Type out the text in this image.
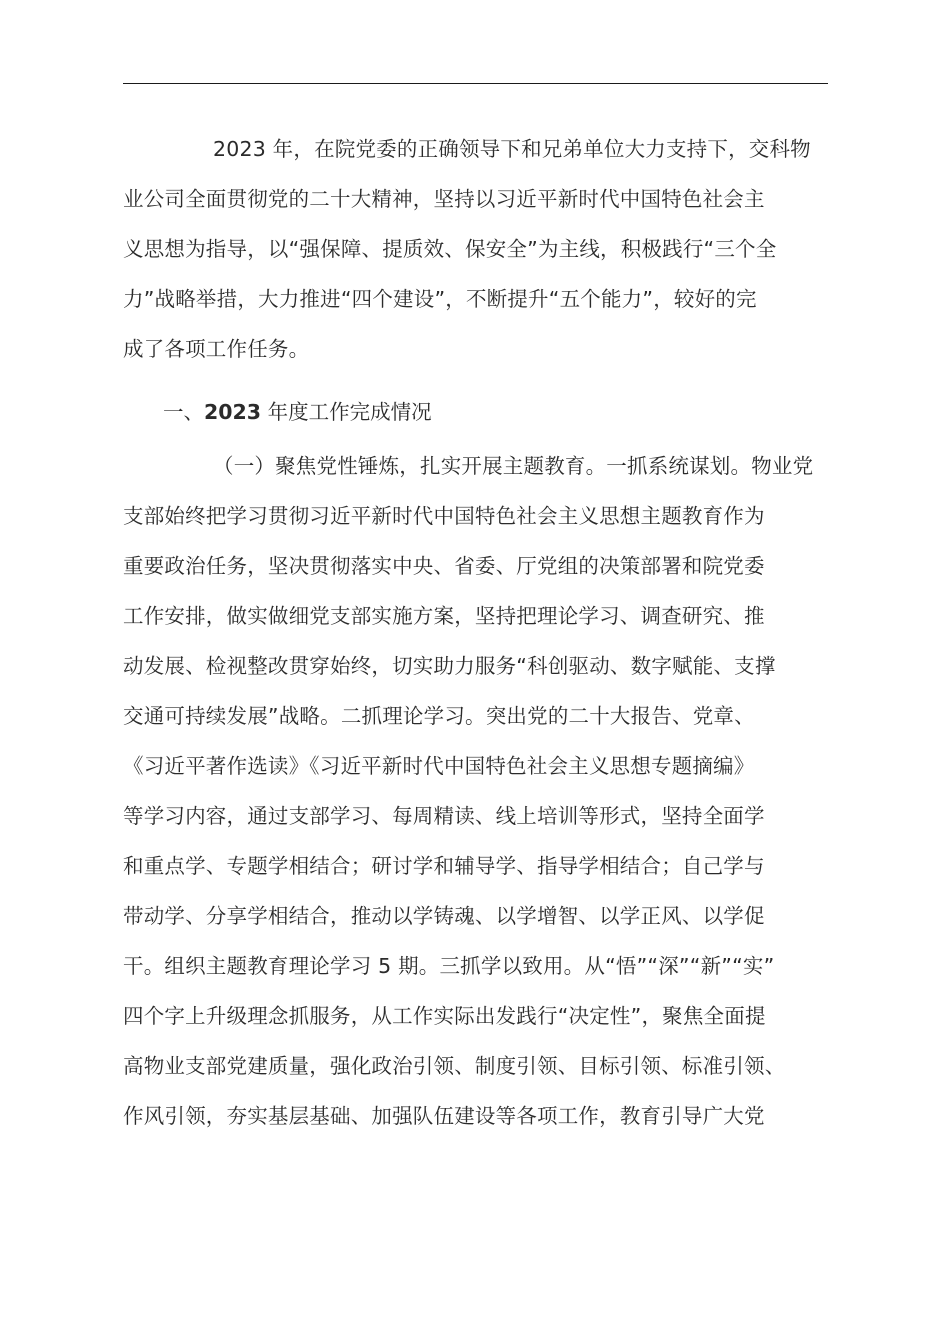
2023 年，在院党委的正确领导下和兄弟单位大力支持下，交科物
业公司全面贯彻党的二十大精神，坚持以习近平新时代中国特色社会主
义思想为指导，以“强保障、提质效、保安全”为主线，积极践行“三个全
力”战略举措，大力推进“四个建设”，不断提升“五个能力”，较好的完
成了各项工作任务。

一、2023 年度工作完成情况

（一）聚焦党性锤炼，扎实开展主题教育。一抓系统谋划。物业党
支部始终把学习贯彻习近平新时代中国特色社会主义思想主题教育作为
重要政治任务，坚决贯彻落实中央、省委、厅党组的决策部署和院党委
工作安排，做实做细党支部实施方案，坚持把理论学习、调查研究、推
动发展、检视整改贯穿始终，切实助力服务“科创驱动、数字赋能、支撑
交通可持续发展”战略。二抓理论学习。突出党的二十大报告、党章、
《习近平著作选读》《习近平新时代中国特色社会主义思想专题摘编》
等学习内容，通过支部学习、每周精读、线上培训等形式，坚持全面学
和重点学、专题学相结合；研讨学和辅导学、指导学相结合；自己学与
带动学、分享学相结合，推动以学铸魂、以学增智、以学正风、以学促
干。组织主题教育理论学习 5 期。三抓学以致用。从“悟”“深”“新”“实”
四个字上升级理念抓服务，从工作实际出发践行“决定性”，聚焦全面提
高物业支部党建质量，强化政治引领、制度引领、目标引领、标准引领、
作风引领，夯实基层基础、加强队伍建设等各项工作，教育引导广大党
